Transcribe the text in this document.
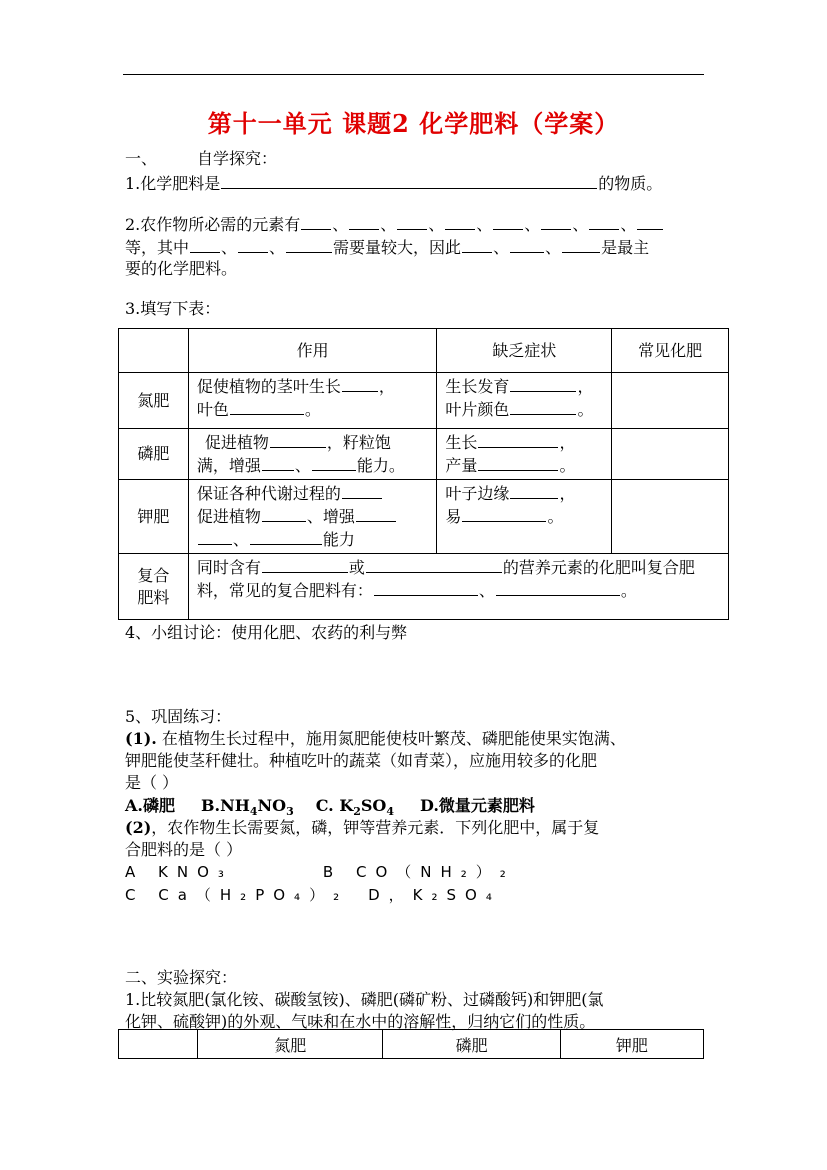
第十一单元 课题2 化学肥料（学案）
一、	自学探究：
1.化学肥料是	的物质。
2.农作物所必需的元素有 、 、 、 、 、 、 、
等，其中 、 、	需要量较大，因此 、 、	是最主
要的化学肥料。
3.填写下表：
	作用	缺乏症状	常见化肥
氮肥	促使植物的茎叶生长 ，
叶色 。	生长发育 ，
叶片颜色 。	
磷肥	促进植物 ，籽粒饱
满，增强 、 能力。	生长 ，
产量 。	
钾肥	保证各种代谢过程的
促进植物 、增强
、 能力	叶子边缘 ，
易 。	
复合
肥料	同时含有 或 的营养元素的化肥叫复合肥
料，常见的复合肥料有： 、 。		
4、小组讨论：使用化肥、农药的利与弊
5、巩固练习：
(1). 在植物生长过程中，施用氮肥能使枝叶繁茂、磷肥能使果实饱满、
钾肥能使茎秆健壮。种植吃叶的蔬菜（如青菜），应施用较多的化肥
是（ ）
A.磷肥 $B.NH_4NO_3$ C. $K_2SO_4$ D.微量元素肥料
(2)，农作物生长需要氮，磷，钾等营养元素．下列化肥中，属于复
合肥料的是（ ）
A KNO₃	B CO（NH₂）₂
C Ca（H₂PO₄）₂ D，K₂SO₄
二、实验探究：
1.比较氮肥(氯化铵、碳酸氢铵)、磷肥(磷矿粉、过磷酸钙)和钾肥(氯
化钾、硫酸钾)的外观、气味和在水中的溶解性，归纳它们的性质。
	氮肥	磷肥	钾肥
